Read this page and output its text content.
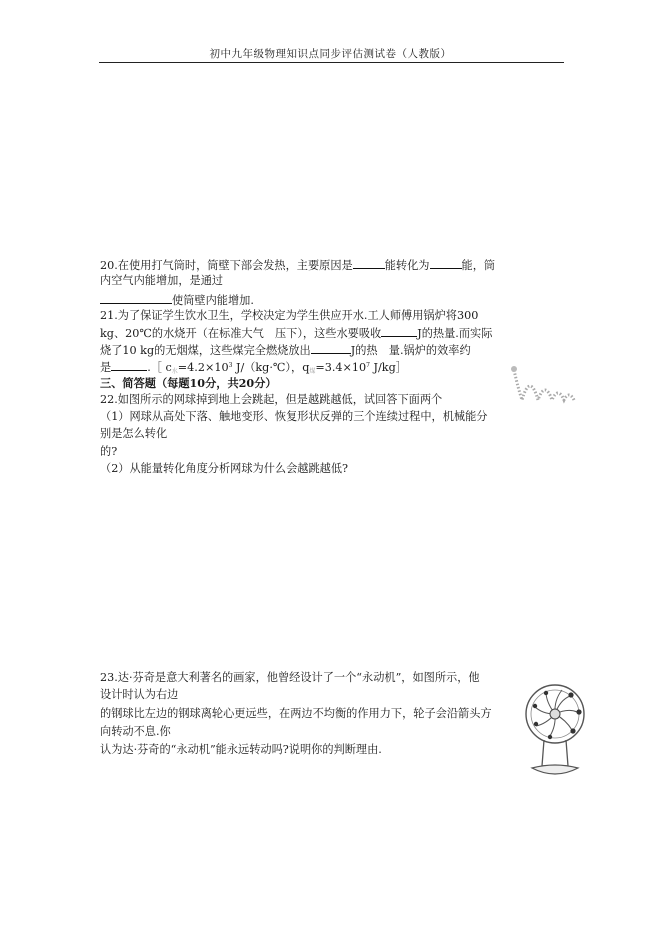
初中九年级物理知识点同步评估测试卷（人教版）
20.在使用打气筒时，筒壁下部会发热，主要原因是	能转化为	能，筒
内空气内能增加，是通过
使筒壁内能增加.
21.为了保证学生饮水卫生，学校决定为学生供应开水.工人师傅用锅炉将300
kg、20℃的水烧开（在标准大气　压下），这些水要吸收	J的热量.而实际
烧了10 kg的无烟煤，这些煤完全燃烧放出	J的热　量.锅炉的效率约
是	.［ $c_水=4.2\times 10^3$ J/（kg·℃），$q_煤=3.4\times 10^7$ J/kg］
三、简答题（每题10分，共20分）
22.如图所示的网球掉到地上会跳起，但是越跳越低，试回答下面两个
（1）网球从高处下落、触地变形、恢复形状反弹的三个连续过程中，机械能分
别是怎么转化
的?
（2）从能量转化角度分析网球为什么会越跳越低?
23.达·芬奇是意大利著名的画家，他曾经设计了一个“永动机”，如图所示，他
设计时认为右边
的钢球比左边的钢球离轮心更远些，在两边不均衡的作用力下，轮子会沿箭头方
向转动不息.你
认为达·芬奇的“永动机”能永远转动吗?说明你的判断理由.
